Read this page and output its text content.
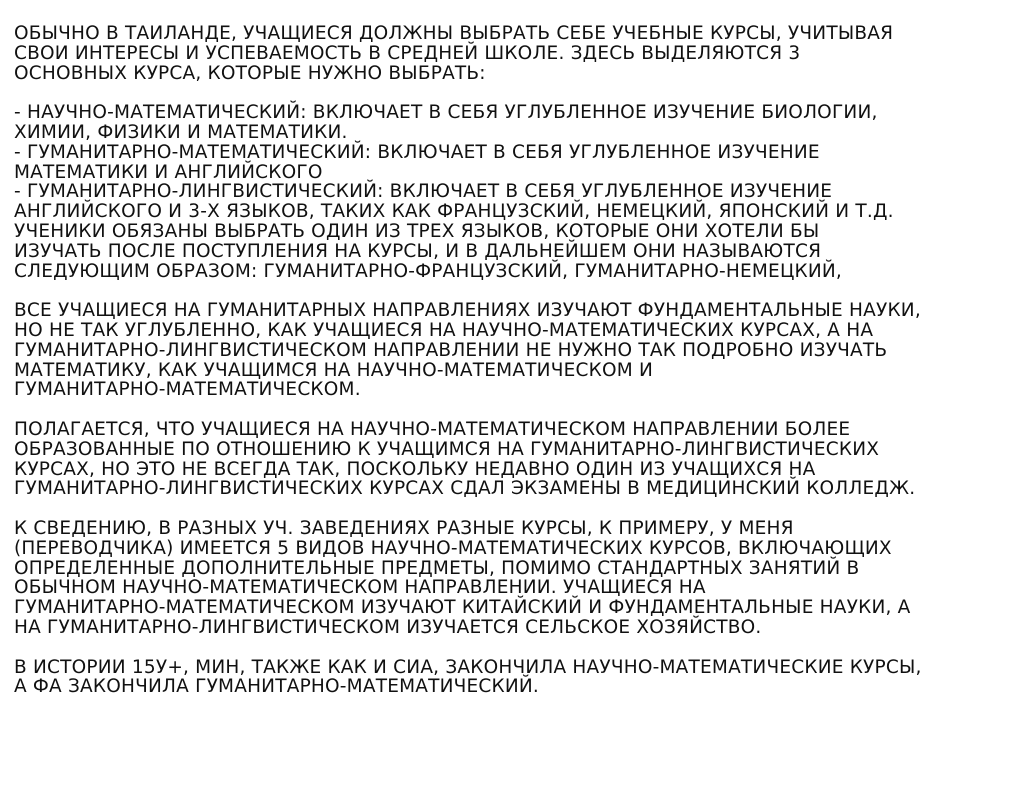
ОБЫЧНО В ТАИЛАНДЕ, УЧАЩИЕСЯ ДОЛЖНЫ ВЫБРАТЬ СЕБЕ УЧЕБНЫЕ КУРСЫ, УЧИТЫВАЯ
СВОИ ИНТЕРЕСЫ И УСПЕВАЕМОСТЬ В СРЕДНЕЙ ШКОЛЕ. ЗДЕСЬ ВЫДЕЛЯЮТСЯ 3
ОСНОВНЫХ КУРСА, КОТОРЫЕ НУЖНО ВЫБРАТЬ:
- НАУЧНО-МАТЕМАТИЧЕСКИЙ: ВКЛЮЧАЕТ В СЕБЯ УГЛУБЛЕННОЕ ИЗУЧЕНИЕ БИОЛОГИИ,
ХИМИИ, ФИЗИКИ И МАТЕМАТИКИ.
- ГУМАНИТАРНО-МАТЕМАТИЧЕСКИЙ: ВКЛЮЧАЕТ В СЕБЯ УГЛУБЛЕННОЕ ИЗУЧЕНИЕ
МАТЕМАТИКИ И АНГЛИЙСКОГО
- ГУМАНИТАРНО-ЛИНГВИСТИЧЕСКИЙ: ВКЛЮЧАЕТ В СЕБЯ УГЛУБЛЕННОЕ ИЗУЧЕНИЕ
АНГЛИЙСКОГО И 3-Х ЯЗЫКОВ, ТАКИХ КАК ФРАНЦУЗСКИЙ, НЕМЕЦКИЙ, ЯПОНСКИЙ И Т.Д.
УЧЕНИКИ ОБЯЗАНЫ ВЫБРАТЬ ОДИН ИЗ ТРЕХ ЯЗЫКОВ, КОТОРЫЕ ОНИ ХОТЕЛИ БЫ
ИЗУЧАТЬ ПОСЛЕ ПОСТУПЛЕНИЯ НА КУРСЫ, И В ДАЛЬНЕЙШЕМ ОНИ НАЗЫВАЮТСЯ
СЛЕДУЮЩИМ ОБРАЗОМ: ГУМАНИТАРНО-ФРАНЦУЗСКИЙ, ГУМАНИТАРНО-НЕМЕЦКИЙ,
ВСЕ УЧАЩИЕСЯ НА ГУМАНИТАРНЫХ НАПРАВЛЕНИЯХ ИЗУЧАЮТ ФУНДАМЕНТАЛЬНЫЕ НАУКИ,
НО НЕ ТАК УГЛУБЛЕННО, КАК УЧАЩИЕСЯ НА НАУЧНО-МАТЕМАТИЧЕСКИХ КУРСАХ, А НА
ГУМАНИТАРНО-ЛИНГВИСТИЧЕСКОМ НАПРАВЛЕНИИ НЕ НУЖНО ТАК ПОДРОБНО ИЗУЧАТЬ
МАТЕМАТИКУ, КАК УЧАЩИМСЯ НА НАУЧНО-МАТЕМАТИЧЕСКОМ И
ГУМАНИТАРНО-МАТЕМАТИЧЕСКОМ.
ПОЛАГАЕТСЯ, ЧТО УЧАЩИЕСЯ НА НАУЧНО-МАТЕМАТИЧЕСКОМ НАПРАВЛЕНИИ БОЛЕЕ
ОБРАЗОВАННЫЕ ПО ОТНОШЕНИЮ К УЧАЩИМСЯ НА ГУМАНИТАРНО-ЛИНГВИСТИЧЕСКИХ
КУРСАХ, НО ЭТО НЕ ВСЕГДА ТАК, ПОСКОЛЬКУ НЕДАВНО ОДИН ИЗ УЧАЩИХСЯ НА
ГУМАНИТАРНО-ЛИНГВИСТИЧЕСКИХ КУРСАХ СДАЛ ЭКЗАМЕНЫ В МЕДИЦИНСКИЙ КОЛЛЕДЖ.
К СВЕДЕНИЮ, В РАЗНЫХ УЧ. ЗАВЕДЕНИЯХ РАЗНЫЕ КУРСЫ, К ПРИМЕРУ, У МЕНЯ
(ПЕРЕВОДЧИКА) ИМЕЕТСЯ 5 ВИДОВ НАУЧНО-МАТЕМАТИЧЕСКИХ КУРСОВ, ВКЛЮЧАЮЩИХ
ОПРЕДЕЛЕННЫЕ ДОПОЛНИТЕЛЬНЫЕ ПРЕДМЕТЫ, ПОМИМО СТАНДАРТНЫХ ЗАНЯТИЙ В
ОБЫЧНОМ НАУЧНО-МАТЕМАТИЧЕСКОМ НАПРАВЛЕНИИ. УЧАЩИЕСЯ НА
ГУМАНИТАРНО-МАТЕМАТИЧЕСКОМ ИЗУЧАЮТ КИТАЙСКИЙ И ФУНДАМЕНТАЛЬНЫЕ НАУКИ, А
НА ГУМАНИТАРНО-ЛИНГВИСТИЧЕСКОМ ИЗУЧАЕТСЯ СЕЛЬСКОЕ ХОЗЯЙСТВО.
В ИСТОРИИ 15У+, МИН, ТАКЖЕ КАК И СИА, ЗАКОНЧИЛА НАУЧНО-МАТЕМАТИЧЕСКИЕ КУРСЫ,
А ФА ЗАКОНЧИЛА ГУМАНИТАРНО-МАТЕМАТИЧЕСКИЙ.
